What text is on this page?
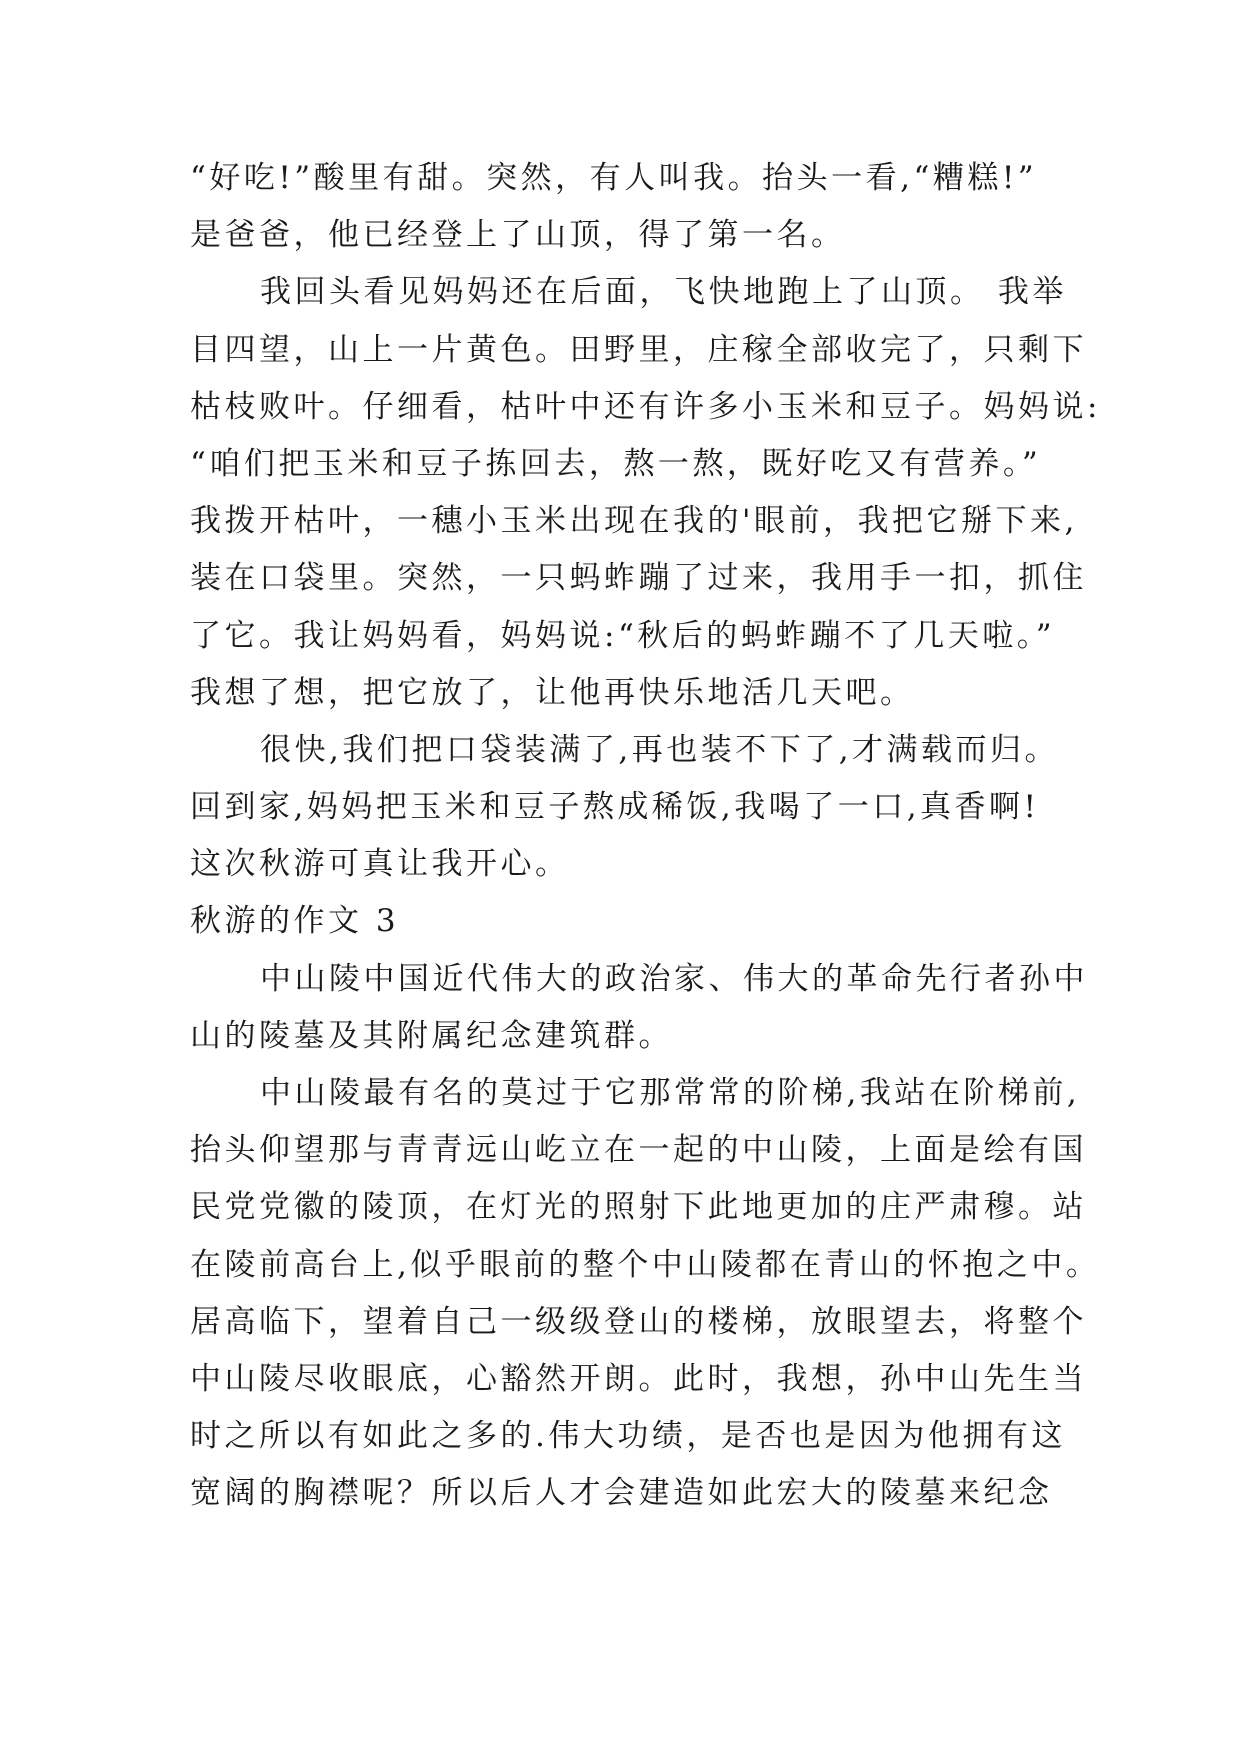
“好吃!”酸里有甜。突然，有人叫我。抬头一看,“糟糕!”
是爸爸，他已经登上了山顶，得了第一名。
我回头看见妈妈还在后面，飞快地跑上了山顶。 我举
目四望，山上一片黄色。田野里，庄稼全部收完了，只剩下
枯枝败叶。仔细看，枯叶中还有许多小玉米和豆子。妈妈说:
“咱们把玉米和豆子拣回去，熬一熬，既好吃又有营养。”
我拨开枯叶，一穗小玉米出现在我的'眼前，我把它掰下来,
装在口袋里。突然，一只蚂蚱蹦了过来，我用手一扣，抓住
了它。我让妈妈看，妈妈说:“秋后的蚂蚱蹦不了几天啦。”
我想了想，把它放了，让他再快乐地活几天吧。
很快,我们把口袋装满了,再也装不下了,才满载而归。
回到家,妈妈把玉米和豆子熬成稀饭,我喝了一口,真香啊!
这次秋游可真让我开心。
秋游的作文 3
中山陵中国近代伟大的政治家、伟大的革命先行者孙中
山的陵墓及其附属纪念建筑群。
中山陵最有名的莫过于它那常常的阶梯,我站在阶梯前,
抬头仰望那与青青远山屹立在一起的中山陵，上面是绘有国
民党党徽的陵顶，在灯光的照射下此地更加的庄严肃穆。站
在陵前高台上,似乎眼前的整个中山陵都在青山的怀抱之中。
居高临下，望着自己一级级登山的楼梯，放眼望去，将整个
中山陵尽收眼底，心豁然开朗。此时，我想，孙中山先生当
时之所以有如此之多的.伟大功绩，是否也是因为他拥有这
宽阔的胸襟呢？所以后人才会建造如此宏大的陵墓来纪念
